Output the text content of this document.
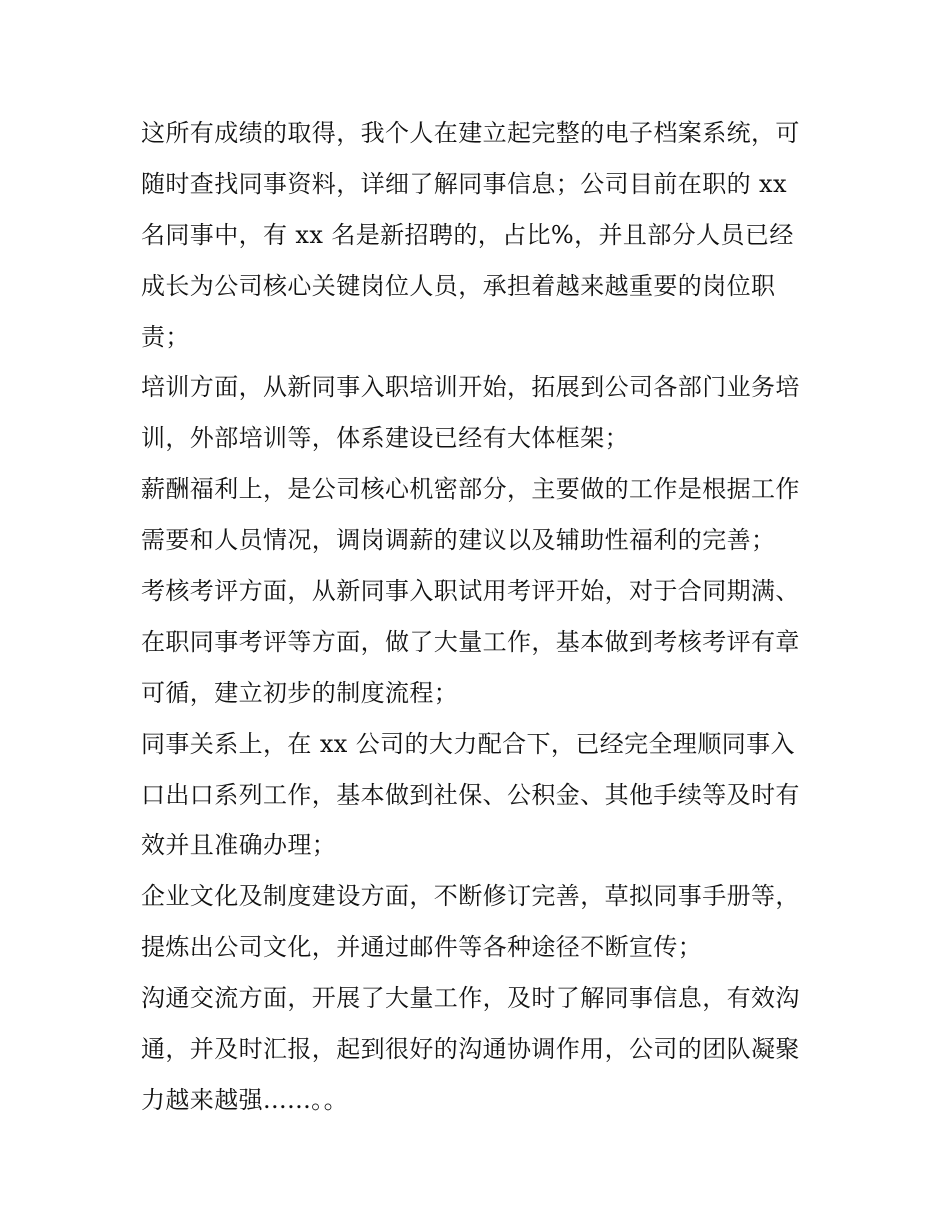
这所有成绩的取得，我个人在建立起完整的电子档案系统，可
随时查找同事资料，详细了解同事信息；公司目前在职的 xx
名同事中，有 xx 名是新招聘的，占比%，并且部分人员已经
成长为公司核心关键岗位人员，承担着越来越重要的岗位职
责；
培训方面，从新同事入职培训开始，拓展到公司各部门业务培
训，外部培训等，体系建设已经有大体框架；
薪酬福利上，是公司核心机密部分，主要做的工作是根据工作
需要和人员情况，调岗调薪的建议以及辅助性福利的完善；
考核考评方面，从新同事入职试用考评开始，对于合同期满、
在职同事考评等方面，做了大量工作，基本做到考核考评有章
可循，建立初步的制度流程；
同事关系上，在 xx 公司的大力配合下，已经完全理顺同事入
口出口系列工作，基本做到社保、公积金、其他手续等及时有
效并且准确办理；
企业文化及制度建设方面，不断修订完善，草拟同事手册等，
提炼出公司文化，并通过邮件等各种途径不断宣传；
沟通交流方面，开展了大量工作，及时了解同事信息，有效沟
通，并及时汇报，起到很好的沟通协调作用，公司的团队凝聚
力越来越强......。。
